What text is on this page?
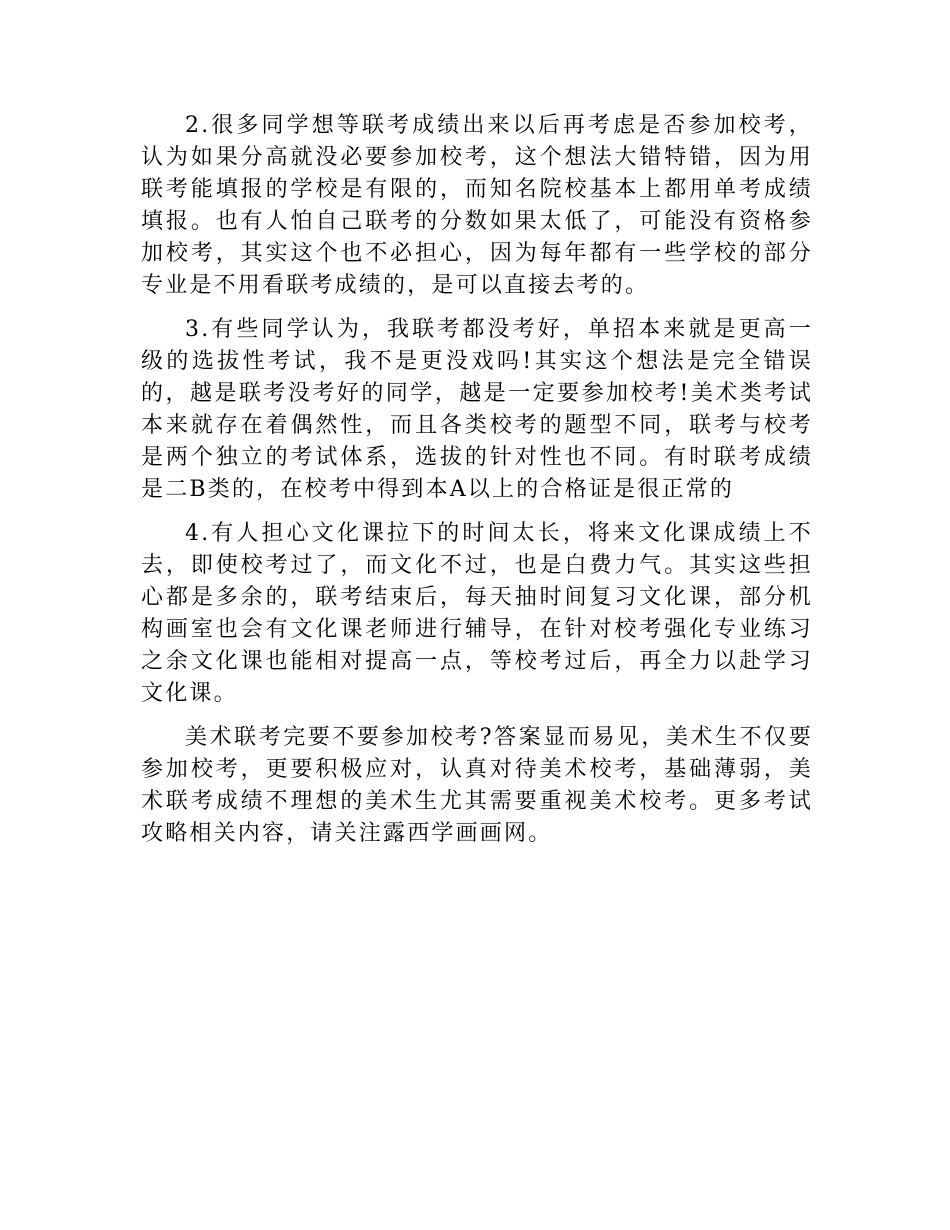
2.很多同学想等联考成绩出来以后再考虑是否参加校考，认为如果分高就没必要参加校考，这个想法大错特错，因为用联考能填报的学校是有限的，而知名院校基本上都用单考成绩填报。也有人怕自己联考的分数如果太低了，可能没有资格参加校考，其实这个也不必担心，因为每年都有一些学校的部分专业是不用看联考成绩的，是可以直接去考的。

3.有些同学认为，我联考都没考好，单招本来就是更高一级的选拔性考试，我不是更没戏吗!其实这个想法是完全错误的，越是联考没考好的同学，越是一定要参加校考!美术类考试本来就存在着偶然性，而且各类校考的题型不同，联考与校考是两个独立的考试体系，选拔的针对性也不同。有时联考成绩是二B类的，在校考中得到本A以上的合格证是很正常的

4.有人担心文化课拉下的时间太长，将来文化课成绩上不去，即使校考过了，而文化不过，也是白费力气。其实这些担心都是多余的，联考结束后，每天抽时间复习文化课，部分机构画室也会有文化课老师进行辅导，在针对校考强化专业练习之余文化课也能相对提高一点，等校考过后，再全力以赴学习文化课。

美术联考完要不要参加校考?答案显而易见，美术生不仅要参加校考，更要积极应对，认真对待美术校考，基础薄弱，美术联考成绩不理想的美术生尤其需要重视美术校考。更多考试攻略相关内容，请关注露西学画画网。
